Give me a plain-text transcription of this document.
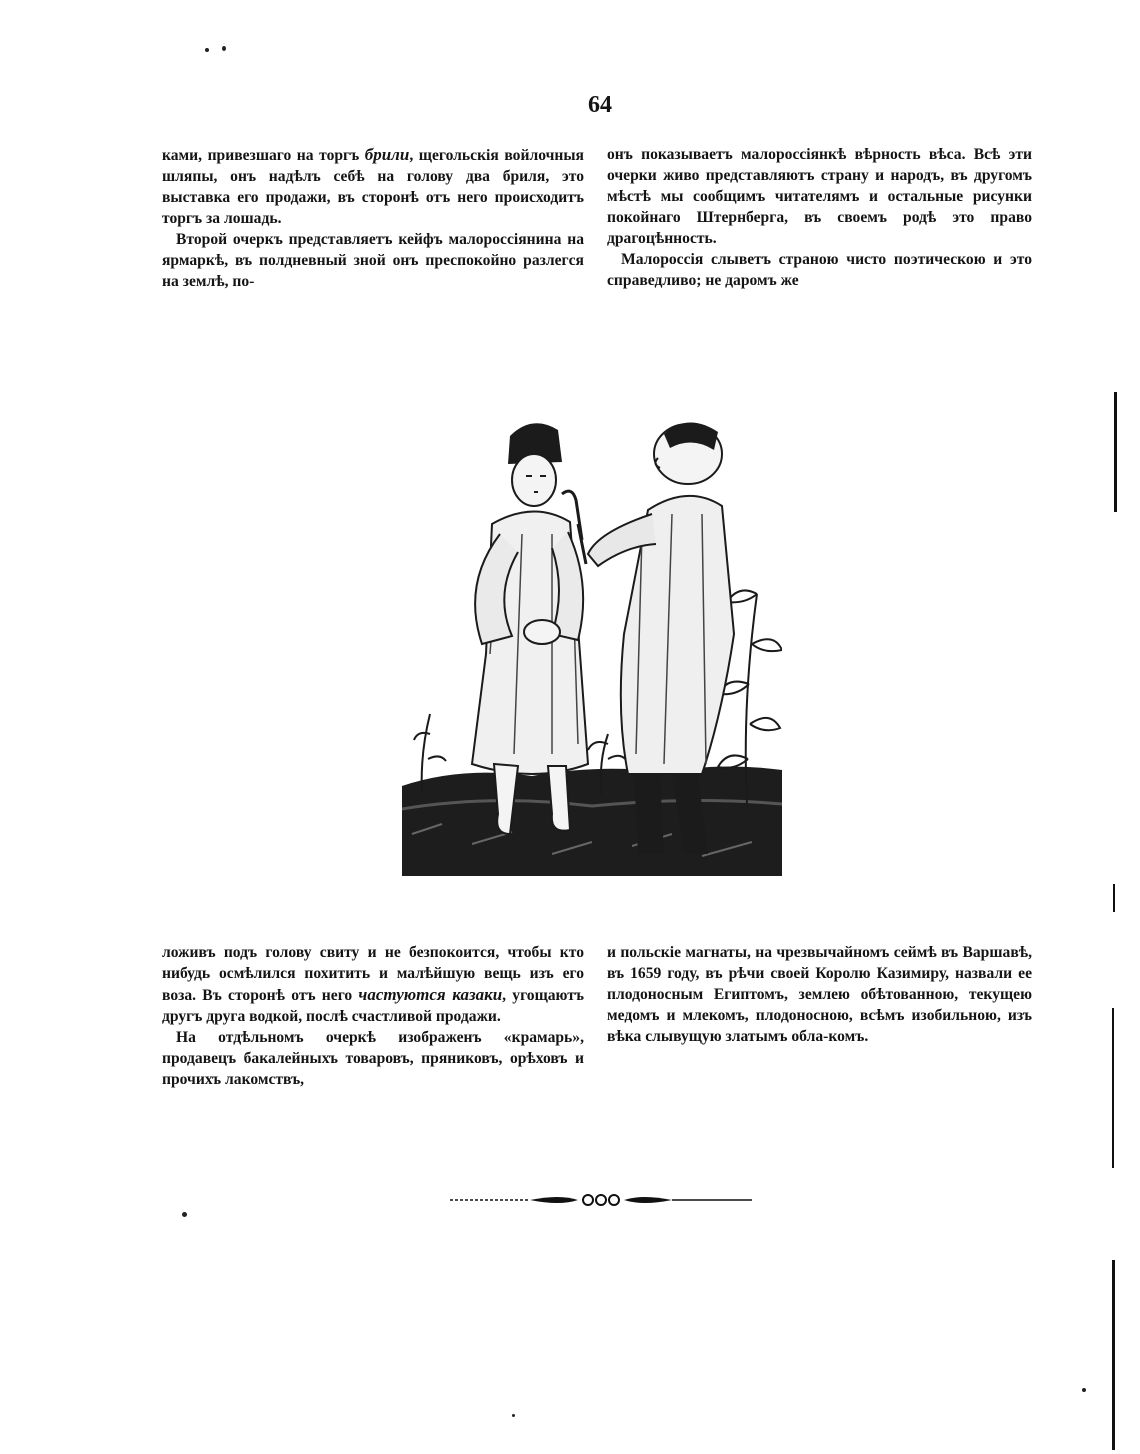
64

ками, привезшаго на торгъ брили, щегольскія войлочныя шляпы, онъ надѣлъ себѣ на голову два бриля, это выставка его продажи, въ сторонѣ отъ него происходитъ торгъ за лошадь.

Второй очеркъ представляетъ кейфъ малороссіянина на ярмаркѣ, въ полдневный зной онъ преспокойно разлегся на землѣ, по-

онъ показываетъ малороссіянкѣ вѣрность вѣса. Всѣ эти очерки живо представляютъ страну и народъ, въ другомъ мѣстѣ мы сообщимъ читателямъ и остальные рисунки покойнаго Штернберга, въ своемъ родѣ это право драгоцѣнность.

Малороссія слыветъ страною чисто поэтическою и это справедливо; не даромъ же

ложивъ подъ голову свиту и не безпокоится, чтобы кто нибудь осмѣлился похитить и малѣйшую вещь изъ его воза. Въ сторонѣ отъ него частуются казаки, угощаютъ другъ друга водкой, послѣ счастливой продажи.

На отдѣльномъ очеркѣ изображенъ «крамарь», продавецъ бакалейныхъ товаровъ, пряниковъ, орѣховъ и прочихъ лакомствъ,

и польскіе магнаты, на чрезвычайномъ сеймѣ въ Варшавѣ, въ 1659 году, въ рѣчи своей Королю Казимиру, назвали ее плодоносным Египтомъ, землею обѣтованною, текущею медомъ и млекомъ, плодоносною, всѣмъ изобильною, изъ вѣка слывущую златымъ обла-комъ.
